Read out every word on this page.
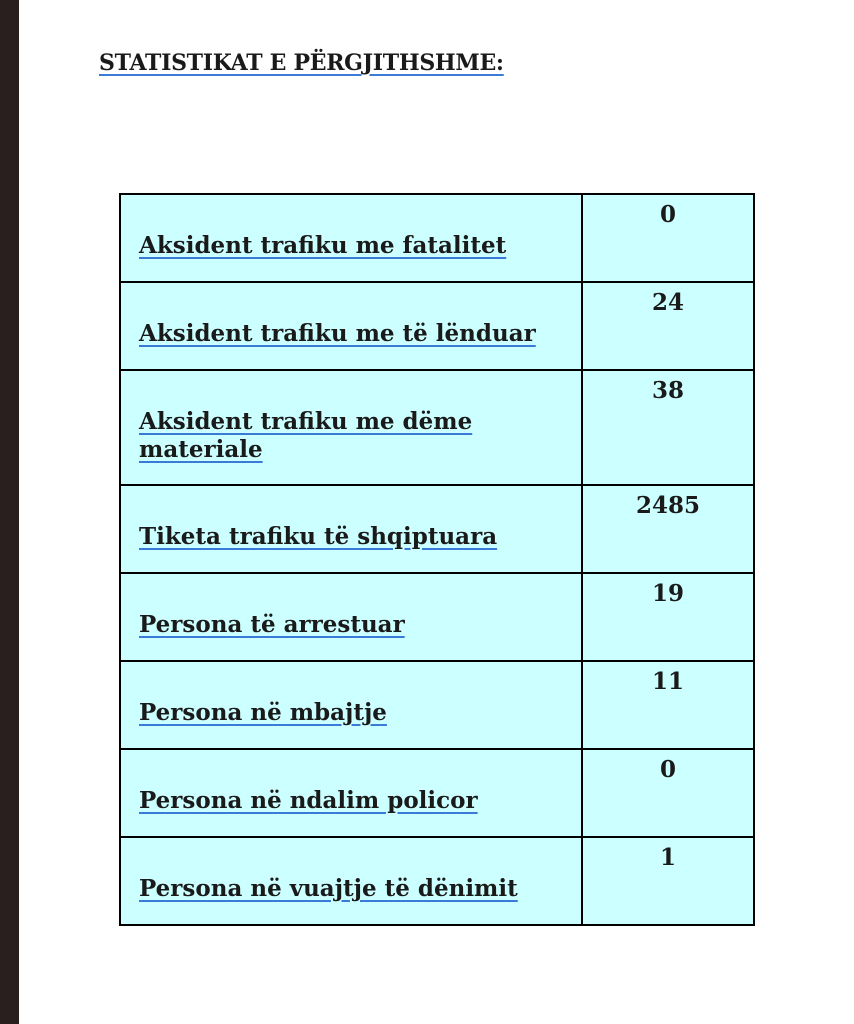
STATISTIKAT E PËRGJITHSHME:
Aksident trafiku me fatalitet	0

Aksident trafiku me të lënduar	24

Aksident trafiku me dëme materiale	38

Tiketa trafiku të shqiptuara	2485

Persona të arrestuar	19

Persona në mbajtje	11

Persona në ndalim policor	0

Persona në vuajtje të dënimit	1
